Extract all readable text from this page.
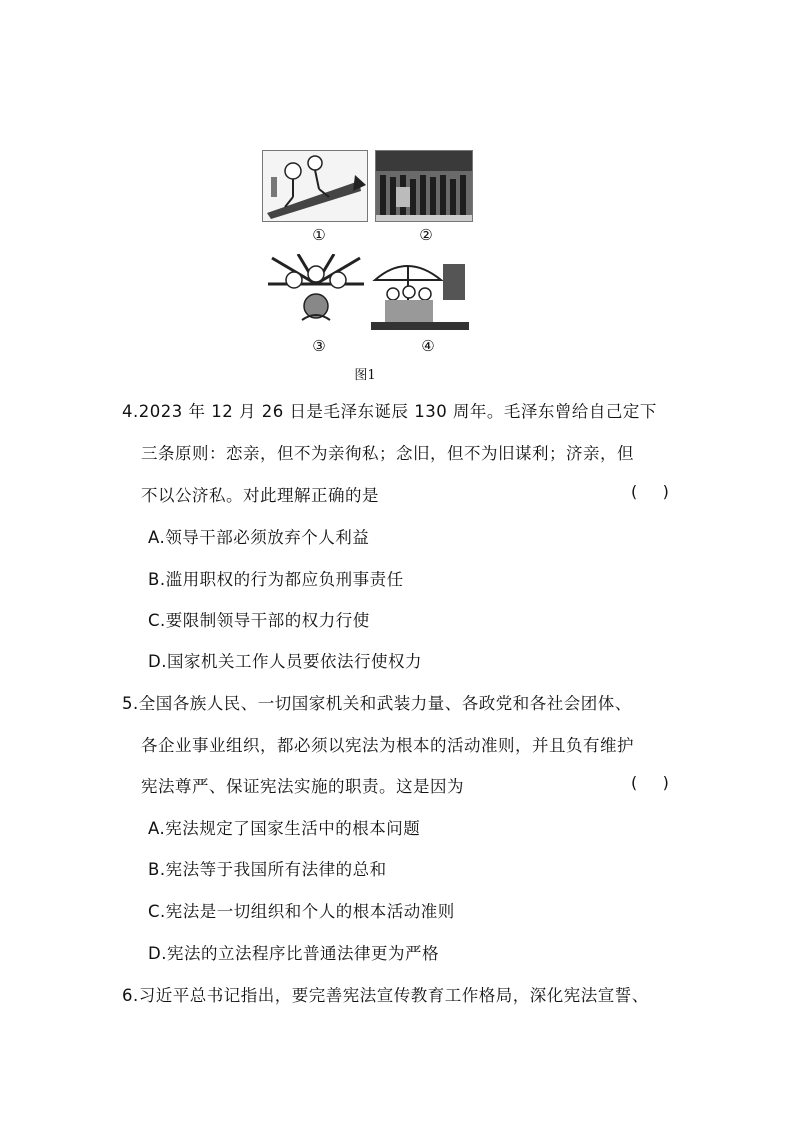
①	②
③	④
图1
4.2023 年 12 月 26 日是毛泽东诞辰 130 周年。毛泽东曾给自己定下
三条原则：恋亲，但不为亲徇私；念旧，但不为旧谋利；济亲，但
不以公济私。对此理解正确的是	(     )
A.领导干部必须放弃个人利益
B.滥用职权的行为都应负刑事责任
C.要限制领导干部的权力行使
D.国家机关工作人员要依法行使权力
5.全国各族人民、一切国家机关和武装力量、各政党和各社会团体、
各企业事业组织，都必须以宪法为根本的活动准则，并且负有维护
宪法尊严、保证宪法实施的职责。这是因为	(     )
A.宪法规定了国家生活中的根本问题
B.宪法等于我国所有法律的总和
C.宪法是一切组织和个人的根本活动准则
D.宪法的立法程序比普通法律更为严格
6.习近平总书记指出，要完善宪法宣传教育工作格局，深化宪法宣誓、
